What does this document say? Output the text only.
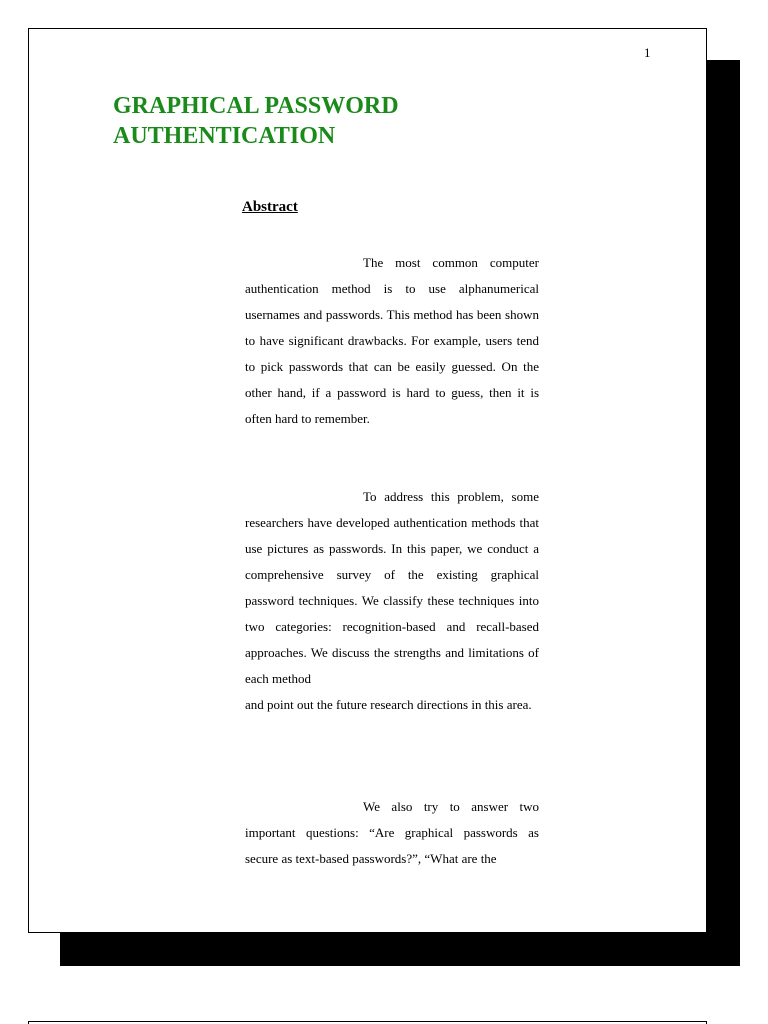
1
GRAPHICAL PASSWORD
AUTHENTICATION
Abstract

The most common computer authentication method is to use alphanumerical usernames and passwords. This method has been shown to have significant drawbacks. For example, users tend to pick passwords that can be easily guessed. On the other hand, if a password is hard to guess, then it is often hard to remember.

To address this problem, some researchers have developed authentication methods that use pictures as passwords. In this paper, we conduct a comprehensive survey of the existing graphical password techniques. We classify these techniques into two categories: recognition-based and recall-based approaches. We discuss the strengths and limitations of each method

and point out the future research directions in this area.

We also try to answer two important questions: “Are graphical passwords as secure as text-based passwords?”, “What are the
